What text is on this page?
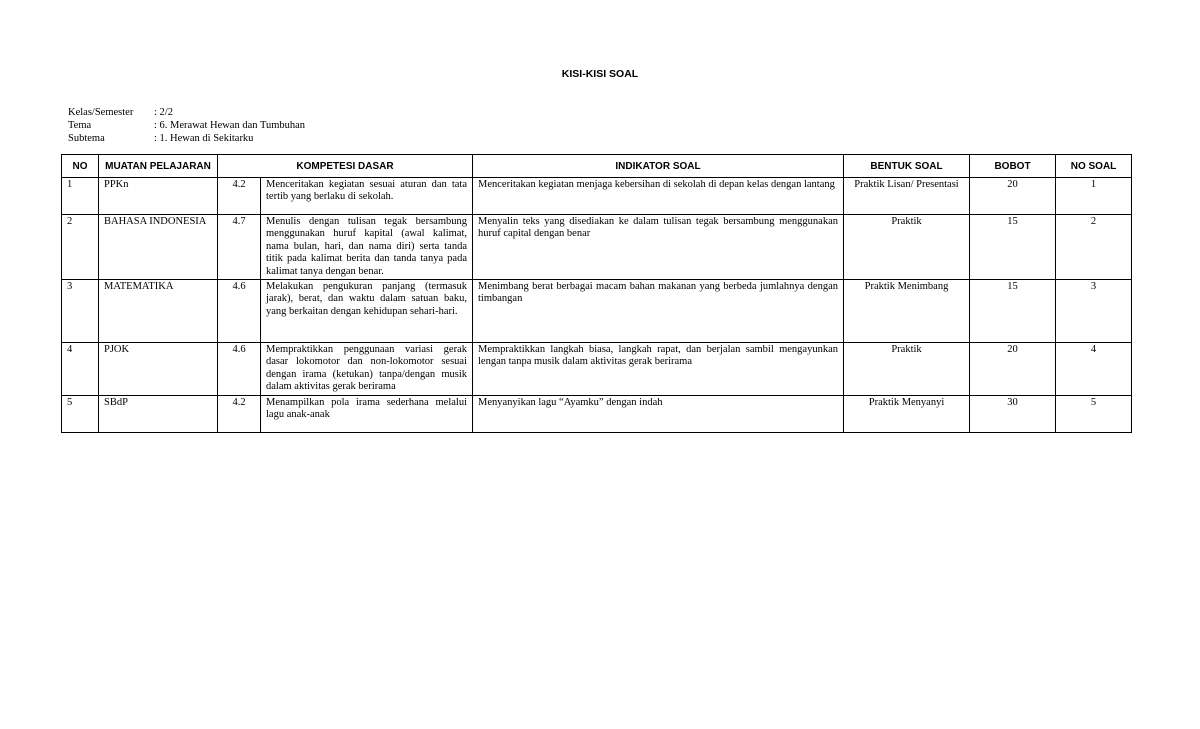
KISI-KISI SOAL
Kelas/Semester	: 2/2
Tema	: 6. Merawat Hewan dan Tumbuhan
Subtema	: 1. Hewan di Sekitarku
NO	MUATAN PELAJARAN	KOMPETESI DASAR	INDIKATOR SOAL	BENTUK SOAL	BOBOT	NO SOAL
1	PPKn	4.2 Menceritakan kegiatan sesuai aturan dan tata tertib yang berlaku di sekolah.	Menceritakan kegiatan menjaga kebersihan di sekolah di depan kelas dengan lantang	Praktik Lisan/ Presentasi	20	1
2	BAHASA INDONESIA	4.7 Menulis dengan tulisan tegak bersambung menggunakan huruf kapital (awal kalimat, nama bulan, hari, dan nama diri) serta tanda titik pada kalimat berita dan tanda tanya pada kalimat tanya dengan benar.	Menyalin teks yang disediakan ke dalam tulisan tegak bersambung menggunakan huruf capital dengan benar	Praktik	15	2
3	MATEMATIKA	4.6 Melakukan pengukuran panjang (termasuk jarak), berat, dan waktu dalam satuan baku, yang berkaitan dengan kehidupan sehari-hari.	Menimbang berat berbagai macam bahan makanan yang berbeda jumlahnya dengan timbangan	Praktik Menimbang	15	3
4	PJOK	4.6 Mempraktikkan penggunaan variasi gerak dasar lokomotor dan non-lokomotor sesuai dengan irama (ketukan) tanpa/dengan musik dalam aktivitas gerak berirama	Mempraktikkan langkah biasa, langkah rapat, dan berjalan sambil mengayunkan lengan tanpa musik dalam aktivitas gerak berirama	Praktik	20	4
5	SBdP	4.2 Menampilkan pola irama sederhana melalui lagu anak-anak	Menyanyikan lagu “Ayamku” dengan indah	Praktik Menyanyi	30	5
